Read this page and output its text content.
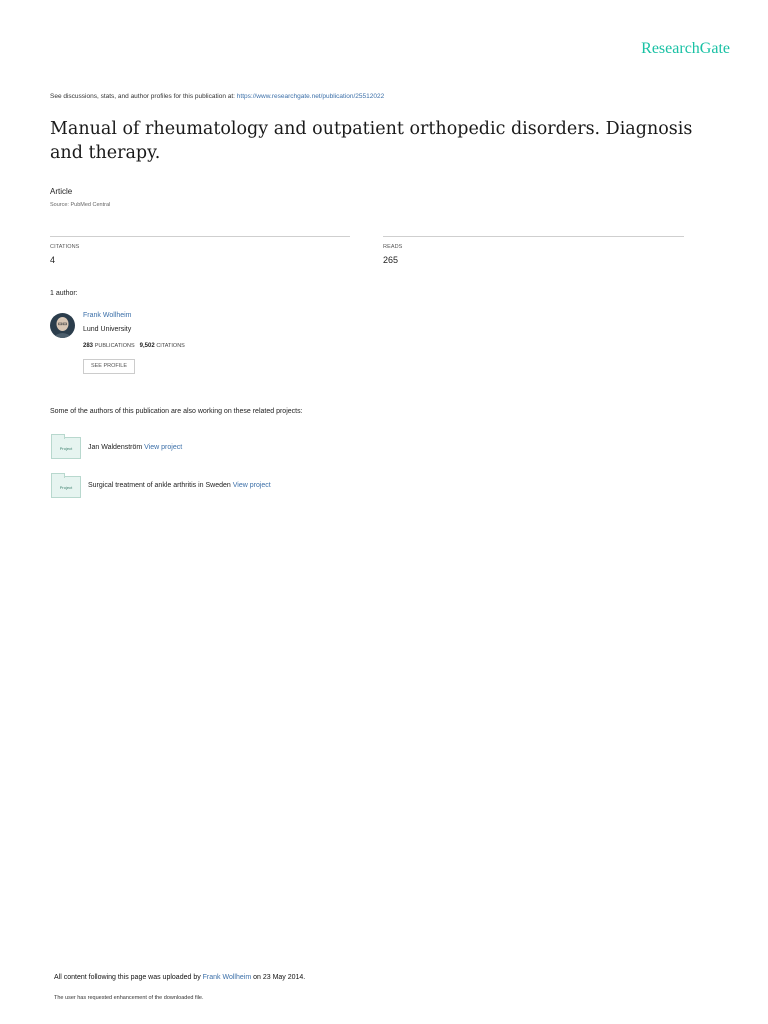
ResearchGate
See discussions, stats, and author profiles for this publication at: https://www.researchgate.net/publication/25512022
Manual of rheumatology and outpatient orthopedic disorders. Diagnosis and therapy.
Article
Source: PubMed Central
CITATIONS
4
READS
265
1 author:
Frank Wollheim
Lund University
283 PUBLICATIONS 9,502 CITATIONS
SEE PROFILE
Some of the authors of this publication are also working on these related projects:
Project	Jan Waldenström View project
Project	Surgical treatment of ankle arthritis in Sweden View project
All content following this page was uploaded by Frank Wollheim on 23 May 2014.
The user has requested enhancement of the downloaded file.
